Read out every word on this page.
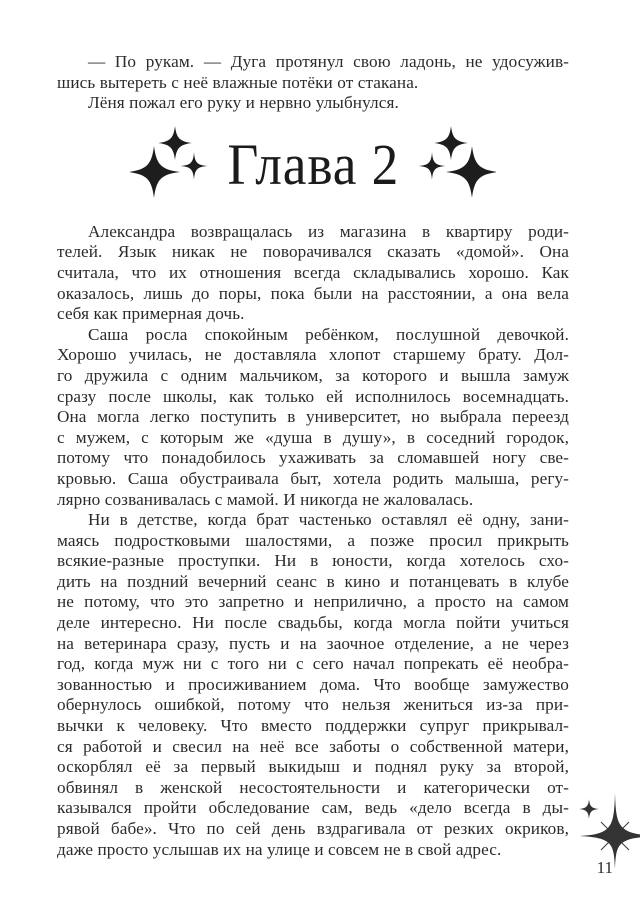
— По рукам. — Дуга протянул свою ладонь, не удосужив-
шись вытереть с неё влажные потёки от стакана.
Лёня пожал его руку и нервно улыбнулся.
Глава 2
Александра возвращалась из магазина в квартиру роди-
телей. Язык никак не поворачивался сказать «домой». Она
считала, что их отношения всегда складывались хорошо. Как
оказалось, лишь до поры, пока были на расстоянии, а она вела
себя как примерная дочь.
Саша росла спокойным ребёнком, послушной девочкой.
Хорошо училась, не доставляла хлопот старшему брату. Дол-
го дружила с одним мальчиком, за которого и вышла замуж
сразу после школы, как только ей исполнилось восемнадцать.
Она могла легко поступить в университет, но выбрала переезд
с мужем, с которым же «душа в душу», в соседний городок,
потому что понадобилось ухаживать за сломавшей ногу све-
кровью. Саша обустраивала быт, хотела родить малыша, регу-
лярно созванивалась с мамой. И никогда не жаловалась.
Ни в детстве, когда брат частенько оставлял её одну, зани-
маясь подростковыми шалостями, а позже просил прикрыть
всякие-разные проступки. Ни в юности, когда хотелось схо-
дить на поздний вечерний сеанс в кино и потанцевать в клубе
не потому, что это запретно и неприлично, а просто на самом
деле интересно. Ни после свадьбы, когда могла пойти учиться
на ветеринара сразу, пусть и на заочное отделение, а не через
год, когда муж ни с того ни с сего начал попрекать её необра-
зованностью и просиживанием дома. Что вообще замужество
обернулось ошибкой, потому что нельзя жениться из-за при-
вычки к человеку. Что вместо поддержки супруг прикрывал-
ся работой и свесил на неё все заботы о собственной матери,
оскорблял её за первый выкидыш и поднял руку за второй,
обвинял в женской несостоятельности и категорически от-
казывался пройти обследование сам, ведь «дело всегда в ды-
рявой бабе». Что по сей день вздрагивала от резких окриков,
даже просто услышав их на улице и совсем не в свой адрес.
11
